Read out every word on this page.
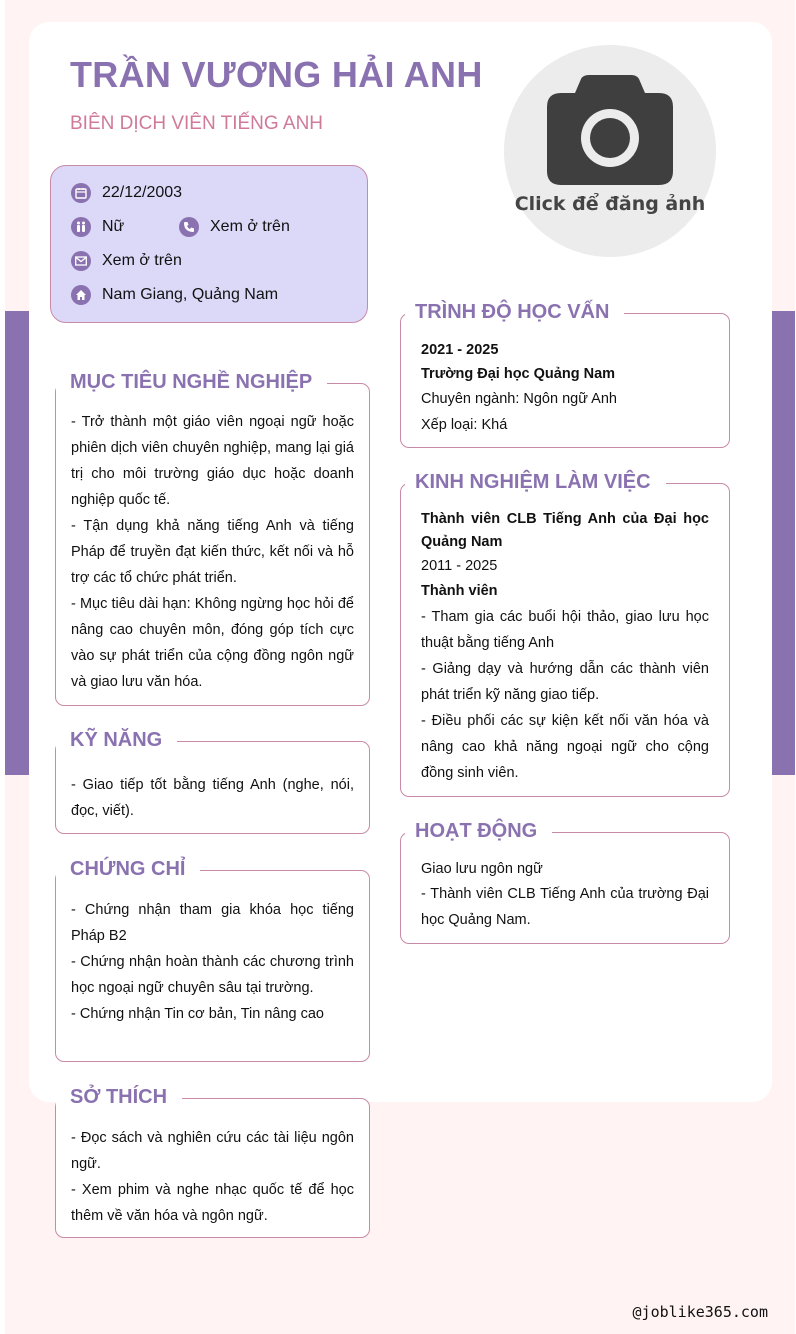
TRẦN VƯƠNG HẢI ANH
BIÊN DỊCH VIÊN TIẾNG ANH
Click để đăng ảnh
22/12/2003
Nữ	Xem ở trên
Xem ở trên
Nam Giang, Quảng Nam

- Trở thành một giáo viên ngoại ngữ hoặc phiên dịch viên chuyên nghiệp, mang lại giá trị cho môi trường giáo dục hoặc doanh nghiệp quốc tế.

- Tận dụng khả năng tiếng Anh và tiếng Pháp để truyền đạt kiến thức, kết nối và hỗ trợ các tổ chức phát triển.

- Mục tiêu dài hạn: Không ngừng học hỏi để nâng cao chuyên môn, đóng góp tích cực vào sự phát triển của cộng đồng ngôn ngữ và giao lưu văn hóa.

MỤC TIÊU NGHỀ NGHIỆP

- Giao tiếp tốt bằng tiếng Anh (nghe, nói, đọc, viết).

KỸ NĂNG

- Chứng nhận tham gia khóa học tiếng Pháp B2

- Chứng nhận hoàn thành các chương trình học ngoại ngữ chuyên sâu tại trường.

- Chứng nhận Tin cơ bản, Tin nâng cao

CHỨNG CHỈ

- Đọc sách và nghiên cứu các tài liệu ngôn ngữ.

- Xem phim và nghe nhạc quốc tế để học thêm về văn hóa và ngôn ngữ.

SỞ THÍCH

2021 - 2025

Trường Đại học Quảng Nam

Chuyên ngành: Ngôn ngữ Anh

Xếp loại: Khá

TRÌNH ĐỘ HỌC VẤN

Thành viên CLB Tiếng Anh của Đại học Quảng Nam

2011 - 2025

Thành viên

- Tham gia các buổi hội thảo, giao lưu học thuật bằng tiếng Anh

- Giảng dạy và hướng dẫn các thành viên phát triển kỹ năng giao tiếp.

- Điều phối các sự kiện kết nối văn hóa và nâng cao khả năng ngoại ngữ cho cộng đồng sinh viên.

KINH NGHIỆM LÀM VIỆC

Giao lưu ngôn ngữ

- Thành viên CLB Tiếng Anh của trường Đại học Quảng Nam.

HOẠT ĐỘNG
@joblike365.com
